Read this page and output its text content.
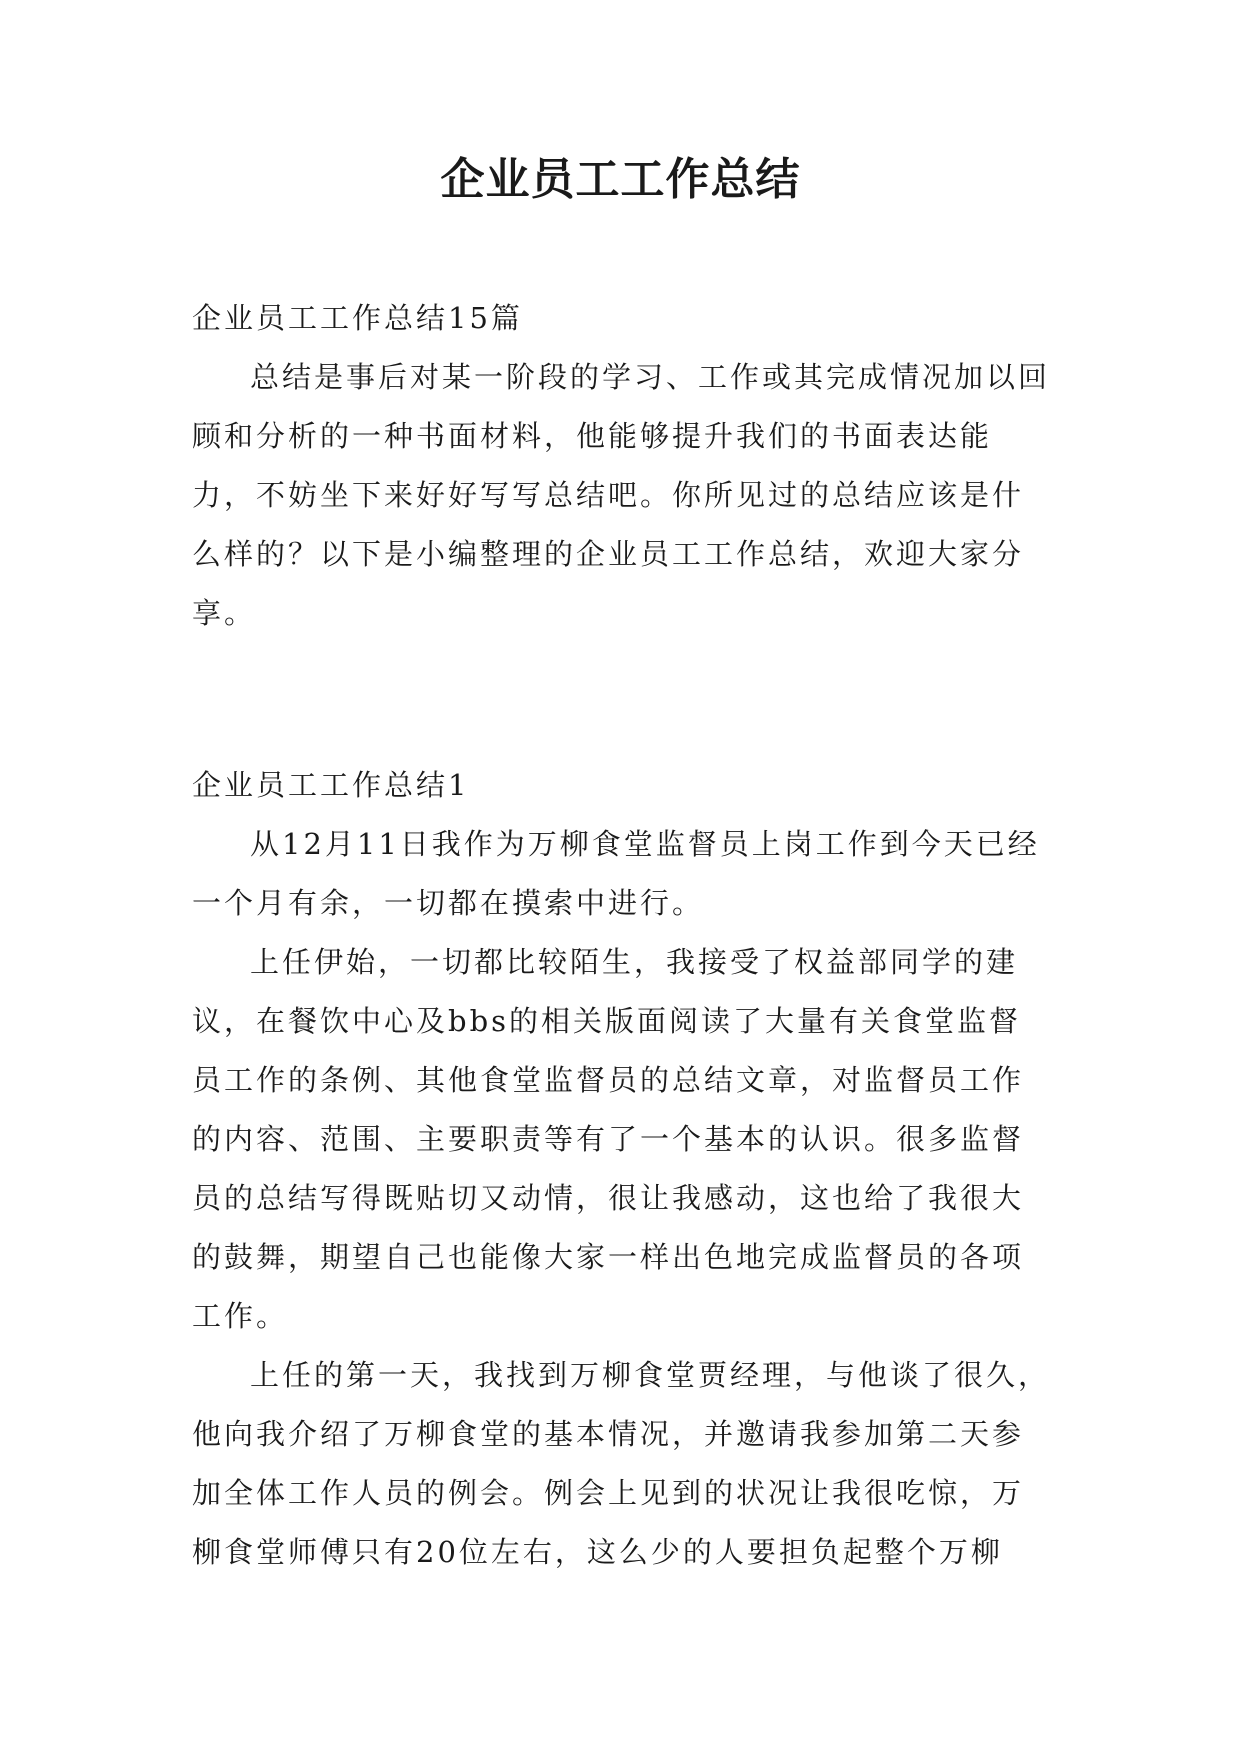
企业员工工作总结

企业员工工作总结15篇

总结是事后对某一阶段的学习、工作或其完成情况加以回顾和分析的一种书面材料，他能够提升我们的书面表达能力，不妨坐下来好好写写总结吧。你所见过的总结应该是什么样的？以下是小编整理的企业员工工作总结，欢迎大家分享。

企业员工工作总结1

从12月11日我作为万柳食堂监督员上岗工作到今天已经一个月有余，一切都在摸索中进行。

上任伊始，一切都比较陌生，我接受了权益部同学的建议，在餐饮中心及bbs的相关版面阅读了大量有关食堂监督员工作的条例、其他食堂监督员的总结文章，对监督员工作的内容、范围、主要职责等有了一个基本的认识。很多监督员的总结写得既贴切又动情，很让我感动，这也给了我很大的鼓舞，期望自己也能像大家一样出色地完成监督员的各项工作。

上任的第一天，我找到万柳食堂贾经理，与他谈了很久，他向我介绍了万柳食堂的基本情况，并邀请我参加第二天参加全体工作人员的例会。例会上见到的状况让我很吃惊，万柳食堂师傅只有20位左右，这么少的人要担负起整个万柳
